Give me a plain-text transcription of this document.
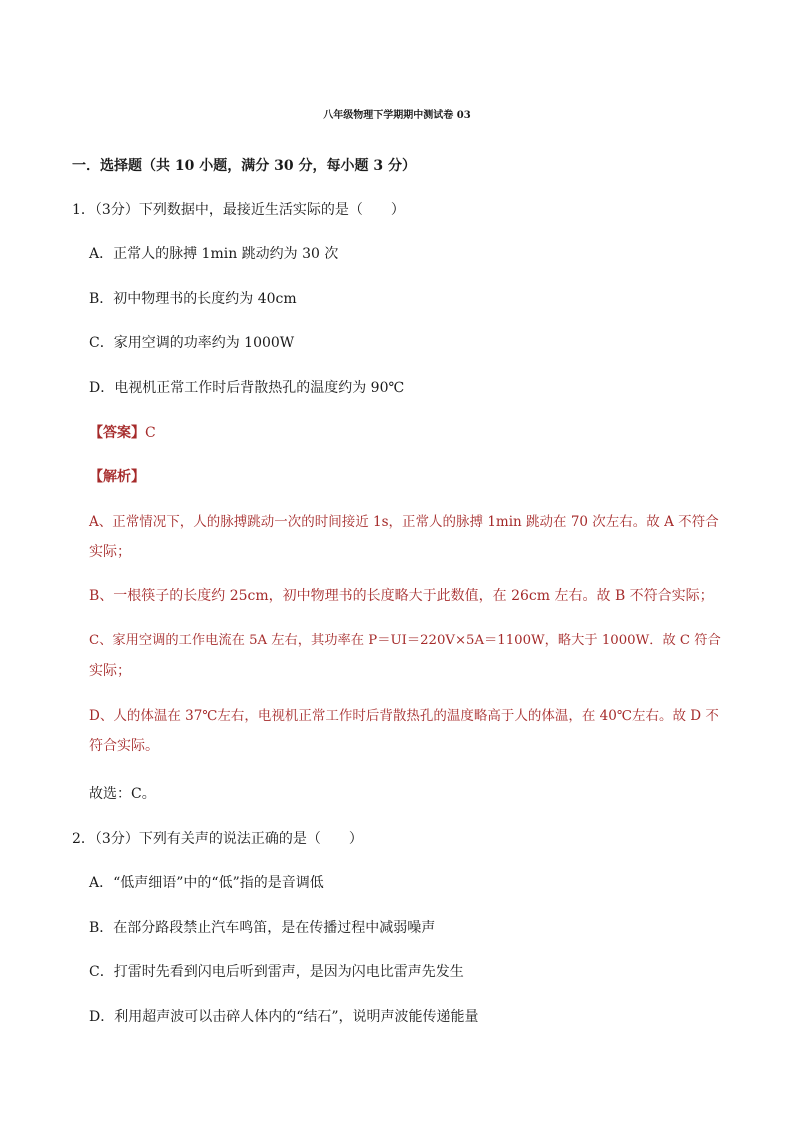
八年级物理下学期期中测试卷 03
一．选择题（共 10 小题，满分 30 分，每小题 3 分）
1．（3分）下列数据中，最接近生活实际的是（　　）
A．正常人的脉搏 1min 跳动约为 30 次
B．初中物理书的长度约为 40cm
C．家用空调的功率约为 1000W
D．电视机正常工作时后背散热孔的温度约为 90℃
【答案】C
【解析】
A、正常情况下，人的脉搏跳动一次的时间接近 1s，正常人的脉搏 1min 跳动在 70 次左右。故 A 不符合
实际；
B、一根筷子的长度约 25cm，初中物理书的长度略大于此数值，在 26cm 左右。故 B 不符合实际；
C、家用空调的工作电流在 5A 左右，其功率在 P＝UI＝220V×5A＝1100W，略大于 1000W．故 C 符合
实际；
D、人的体温在 37℃左右，电视机正常工作时后背散热孔的温度略高于人的体温，在 40℃左右。故 D 不
符合实际。
故选：C。
2．（3分）下列有关声的说法正确的是（　　）
A．“低声细语”中的“低”指的是音调低
B．在部分路段禁止汽车鸣笛，是在传播过程中减弱噪声
C．打雷时先看到闪电后听到雷声，是因为闪电比雷声先发生
D．利用超声波可以击碎人体内的“结石”，说明声波能传递能量
